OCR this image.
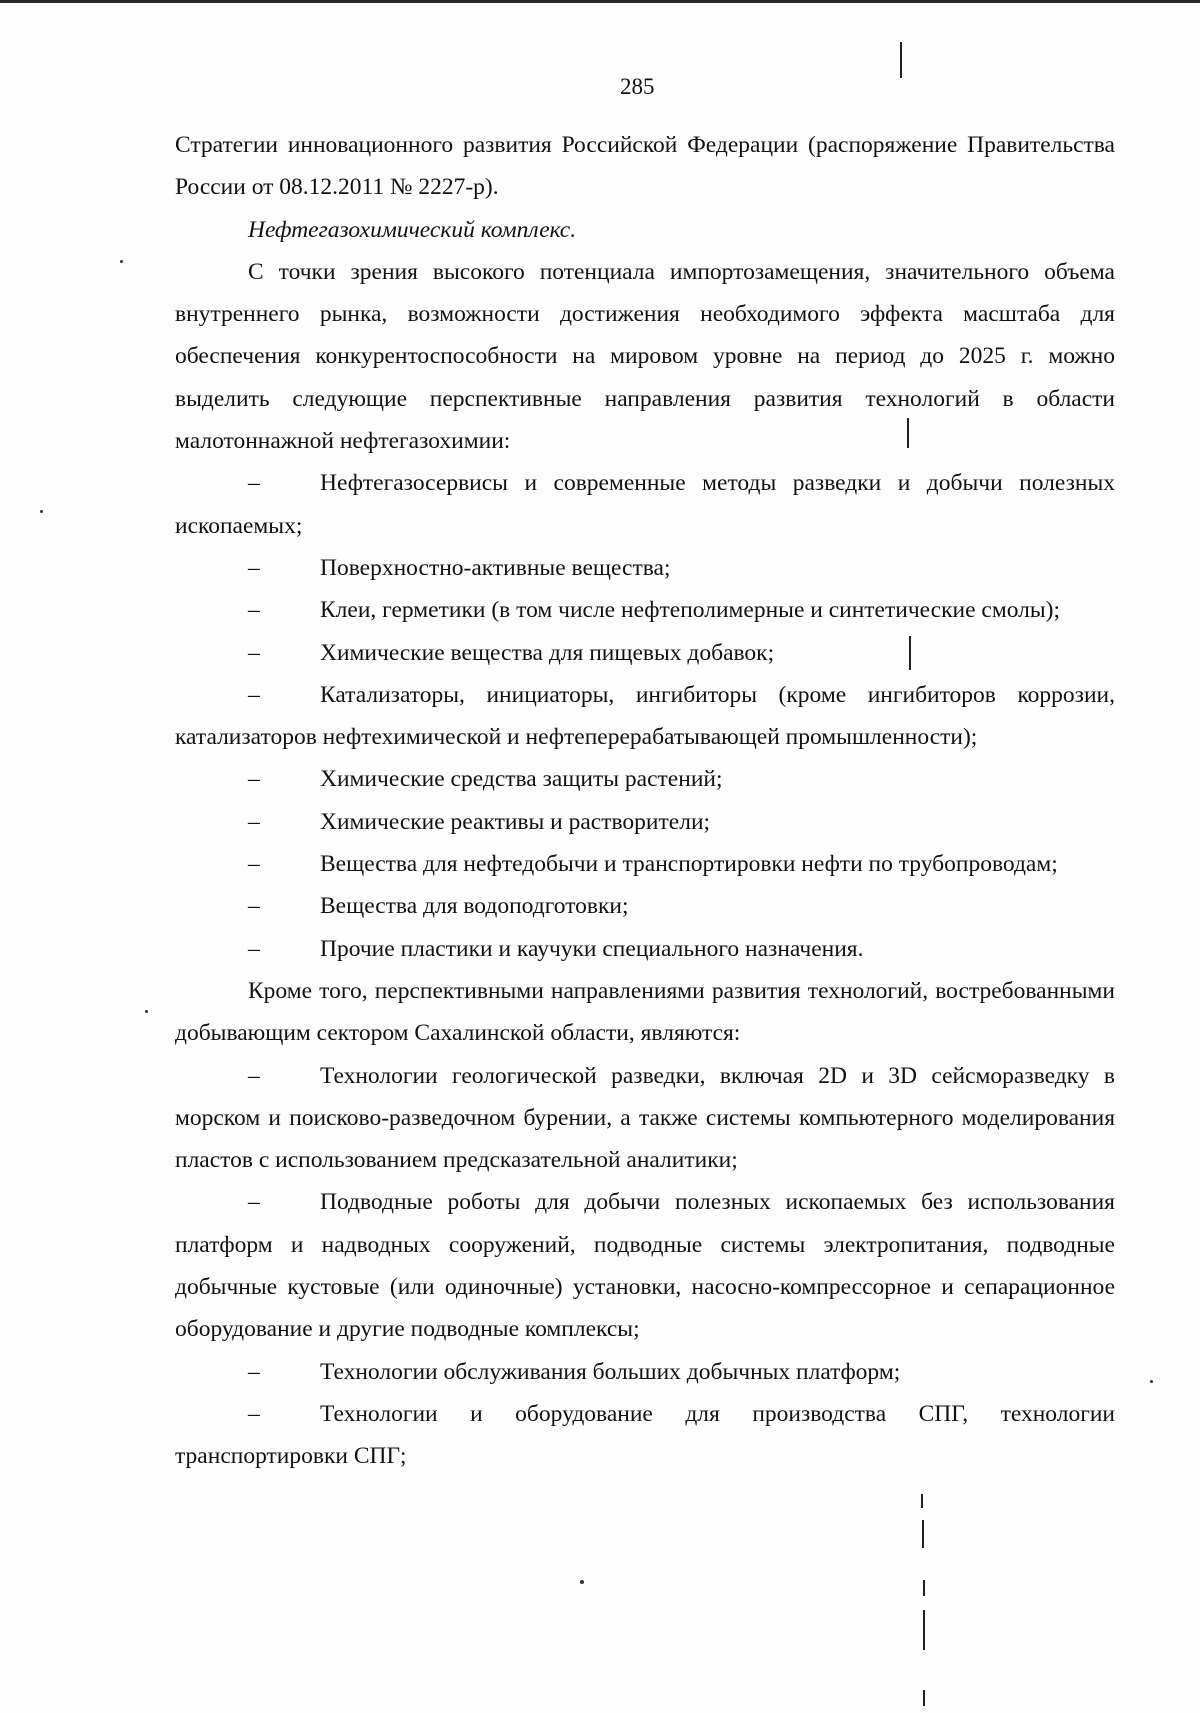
285

Стратегии инновационного развития Российской Федерации (распоряжение Правительства России от 08.12.2011 № 2227-р).

Нефтегазохимический комплекс.

С точки зрения высокого потенциала импортозамещения, значительного объема внутреннего рынка, возможности достижения необходимого эффекта масштаба для обеспечения конкурентоспособности на мировом уровне на период до 2025 г. можно выделить следующие перспективные направления развития технологий в области малотоннажной нефтегазохимии:

–	Нефтегазосервисы и современные методы разведки и добычи полезных ископаемых;

–	Поверхностно-активные вещества;

–	Клеи, герметики (в том числе нефтеполимерные и синтетические смолы);

–	Химические вещества для пищевых добавок;

–	Катализаторы, инициаторы, ингибиторы (кроме ингибиторов коррозии, катализаторов нефтехимической и нефтеперерабатывающей промышленности);

–	Химические средства защиты растений;

–	Химические реактивы и растворители;

–	Вещества для нефтедобычи и транспортировки нефти по трубопроводам;

–	Вещества для водоподготовки;

–	Прочие пластики и каучуки специального назначения.

Кроме того, перспективными направлениями развития технологий, востребованными добывающим сектором Сахалинской области, являются:

–	Технологии геологической разведки, включая 2D и 3D сейсморазведку в морском и поисково-разведочном бурении, а также системы компьютерного моделирования пластов с использованием предсказательной аналитики;

–	Подводные роботы для добычи полезных ископаемых без использования платформ и надводных сооружений, подводные системы электропитания, подводные добычные кустовые (или одиночные) установки, насосно-компрессорное и сепарационное оборудование и другие подводные комплексы;

–	Технологии обслуживания больших добычных платформ;

–	Технологии и оборудование для производства СПГ, технологии транспортировки СПГ;
